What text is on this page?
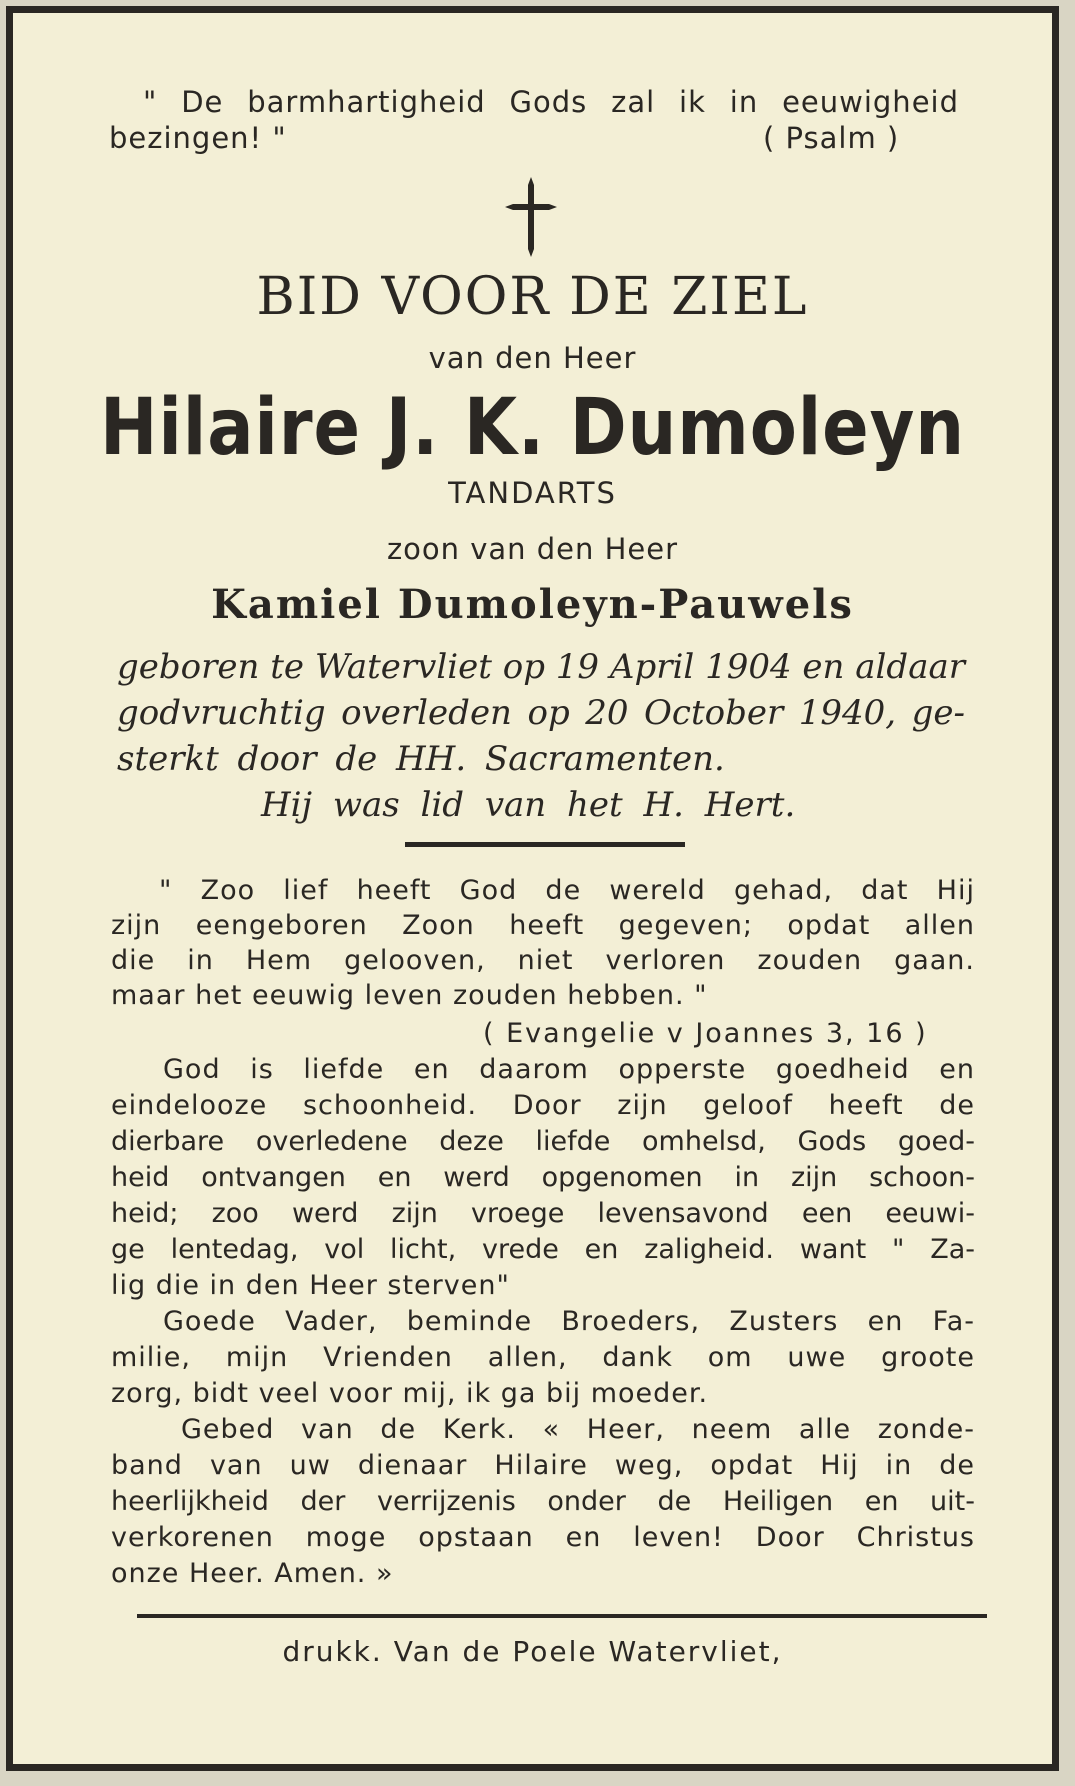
" De barmhartigheid Gods zal ik in eeuwigheid
bezingen! "	( Psalm )
BID VOOR DE ZIEL
van den Heer
Hilaire J. K. Dumoleyn
TANDARTS
zoon van den Heer
Kamiel Dumoleyn-Pauwels
geboren te Watervliet op 19 April 1904 en aldaar
godvruchtig overleden op 20 October 1940, ge-
sterkt door de HH. Sacramenten.
Hij was lid van het H. Hert.
" Zoo lief heeft God de wereld gehad, dat Hij
zijn eengeboren Zoon heeft gegeven; opdat allen
die in Hem gelooven, niet verloren zouden gaan.
maar het eeuwig leven zouden hebben. "
( Evangelie v Joannes 3, 16 )
God is liefde en daarom opperste goedheid en
eindelooze schoonheid. Door zijn geloof heeft de
dierbare overledene deze liefde omhelsd, Gods goed-
heid ontvangen en werd opgenomen in zijn schoon-
heid; zoo werd zijn vroege levensavond een eeuwi-
ge lentedag, vol licht, vrede en zaligheid. want " Za-
lig die in den Heer sterven"
Goede Vader, beminde Broeders, Zusters en Fa-
milie, mijn Vrienden allen, dank om uwe groote
zorg, bidt veel voor mij, ik ga bij moeder.
Gebed van de Kerk. « Heer, neem alle zonde-
band van uw dienaar Hilaire weg, opdat Hij in de
heerlijkheid der verrijzenis onder de Heiligen en uit-
verkorenen moge opstaan en leven! Door Christus
onze Heer. Amen. »
drukk. Van de Poele Watervliet,
